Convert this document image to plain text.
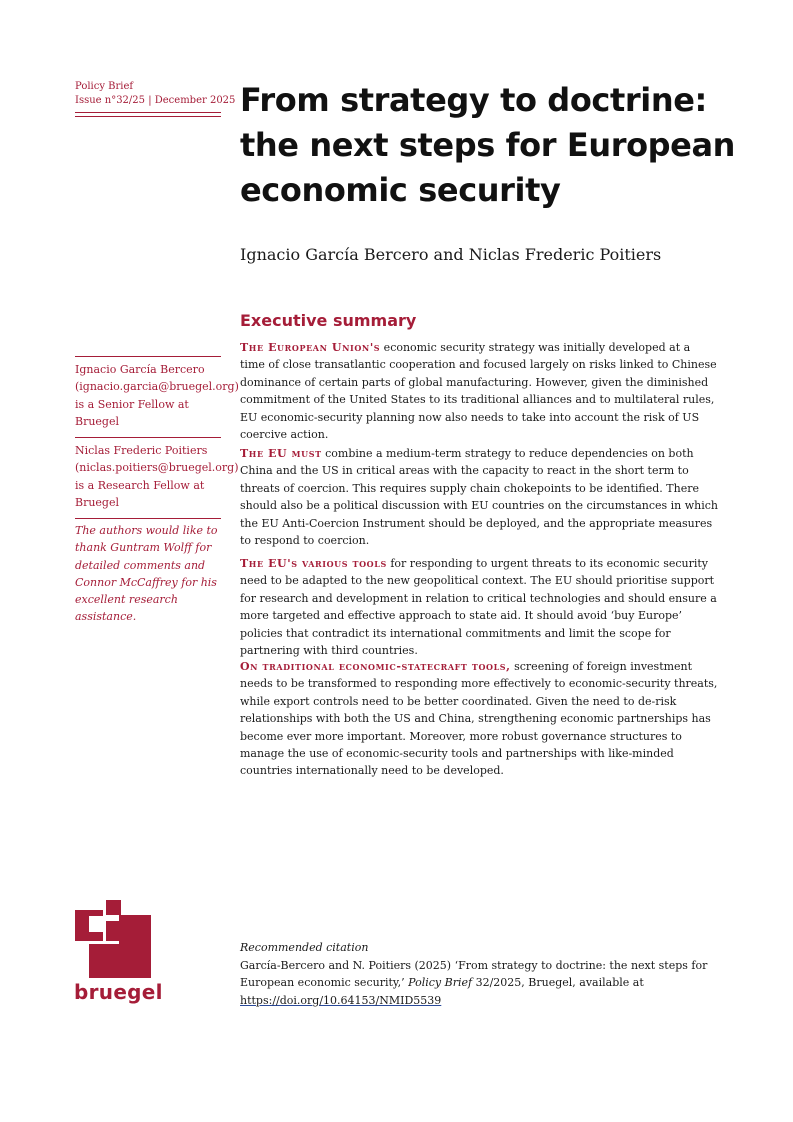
Policy Brief
Issue n°32/25 | December 2025 From strategy to doctrine: the next steps for European economic security
Ignacio García Bercero and Niclas Frederic Poitiers
Executive summary
Ignacio García Bercero (ignacio.garcia@bruegel.org) is a Senior Fellow at Bruegel
Niclas Frederic Poitiers (niclas.poitiers@bruegel.org) is a Research Fellow at Bruegel
The authors would like to thank Guntram Wolff for detailed comments and Connor McCaffrey for his excellent research assistance.

The European Union's economic security strategy was initially developed at a time of close transatlantic cooperation and focused largely on risks linked to Chinese dominance of certain parts of global manufacturing. However, given the diminished commitment of the United States to its traditional alliances and to multilateral rules, EU economic-security planning now also needs to take into account the risk of US coercive action.

The EU must combine a medium-term strategy to reduce dependencies on both China and the US in critical areas with the capacity to react in the short term to threats of coercion. This requires supply chain chokepoints to be identified. There should also be a political discussion with EU countries on the circumstances in which the EU Anti-Coercion Instrument should be deployed, and the appropriate measures to respond to coercion.

The EU's various tools for responding to urgent threats to its economic security need to be adapted to the new geopolitical context. The EU should prioritise support for research and development in relation to critical technologies and should ensure a more targeted and effective approach to state aid. It should avoid ‘buy Europe’ policies that contradict its international commitments and limit the scope for partnering with third countries.

On traditional economic-statecraft tools, screening of foreign investment needs to be transformed to responding more effectively to economic-security threats, while export controls need to be better coordinated. Given the need to de-risk relationships with both the US and China, strengthening economic partnerships has become ever more important. Moreover, more robust governance structures to manage the use of economic-security tools and partnerships with like-minded countries internationally need to be developed.

bruegel
Recommended citation
García-Bercero and N. Poitiers (2025) ‘From strategy to doctrine: the next steps for European economic security,’ Policy Brief 32/2025, Bruegel, available at https://doi.org/10.64153/NMID5539
